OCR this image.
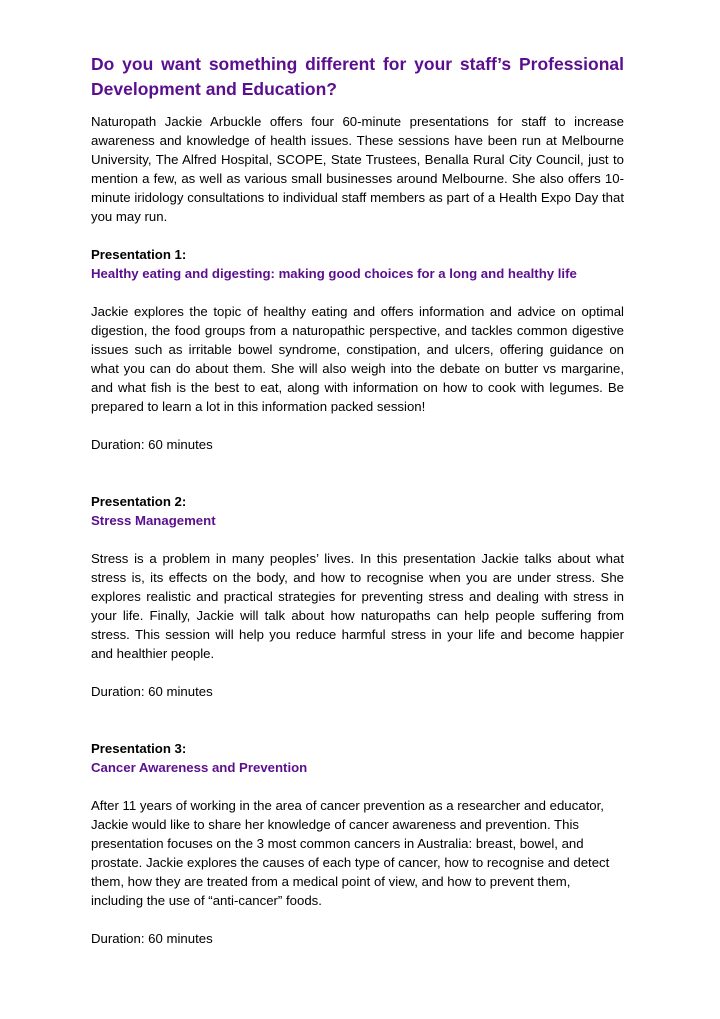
Do you want something different for your staff’s Professional Development and Education?

Naturopath Jackie Arbuckle offers four 60-minute presentations for staff to increase awareness and knowledge of health issues. These sessions have been run at Melbourne University, The Alfred Hospital, SCOPE, State Trustees, Benalla Rural City Council, just to mention a few, as well as various small businesses around Melbourne. She also offers 10-minute iridology consultations to individual staff members as part of a Health Expo Day that you may run.

Presentation 1:

Healthy eating and digesting: making good choices for a long and healthy life

Jackie explores the topic of healthy eating and offers information and advice on optimal digestion, the food groups from a naturopathic perspective, and tackles common digestive issues such as irritable bowel syndrome, constipation, and ulcers, offering guidance on what you can do about them. She will also weigh into the debate on butter vs margarine, and what fish is the best to eat, along with information on how to cook with legumes. Be prepared to learn a lot in this information packed session!

Duration: 60 minutes

Presentation 2:

Stress Management

Stress is a problem in many peoples’ lives. In this presentation Jackie talks about what stress is, its effects on the body, and how to recognise when you are under stress. She explores realistic and practical strategies for preventing stress and dealing with stress in your life. Finally, Jackie will talk about how naturopaths can help people suffering from stress. This session will help you reduce harmful stress in your life and become happier and healthier people.

Duration: 60 minutes

Presentation 3:

Cancer Awareness and Prevention

After 11 years of working in the area of cancer prevention as a researcher and educator, Jackie would like to share her knowledge of cancer awareness and prevention. This presentation focuses on the 3 most common cancers in Australia: breast, bowel, and prostate. Jackie explores the causes of each type of cancer, how to recognise and detect them, how they are treated from a medical point of view, and how to prevent them, including the use of “anti-cancer” foods.

Duration: 60 minutes
